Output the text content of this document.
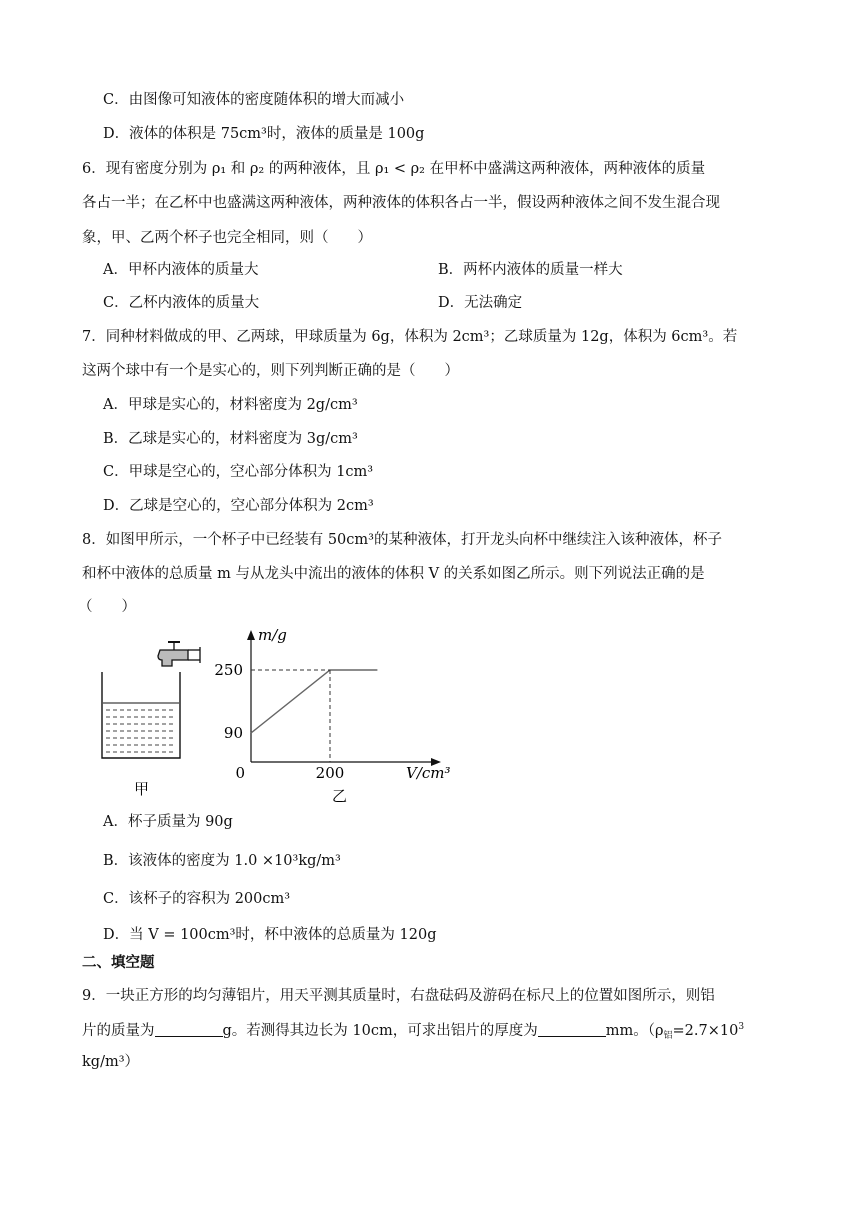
C．由图像可知液体的密度随体积的增大而减小
D．液体的体积是 75cm³时，液体的质量是 100g
6．现有密度分别为 ρ₁ 和 ρ₂ 的两种液体，且 ρ₁ < ρ₂ 在甲杯中盛满这两种液体，两种液体的质量
各占一半；在乙杯中也盛满这两种液体，两种液体的体积各占一半，假设两种液体之间不发生混合现
象，甲、乙两个杯子也完全相同，则（　　）
A．甲杯内液体的质量大	B．两杯内液体的质量一样大
C．乙杯内液体的质量大	D．无法确定
7．同种材料做成的甲、乙两球，甲球质量为 6g，体积为 2cm³；乙球质量为 12g，体积为 6cm³。若
这两个球中有一个是实心的，则下列判断正确的是（　　）
A．甲球是实心的，材料密度为 2g/cm³
B．乙球是实心的，材料密度为 3g/cm³
C．甲球是空心的，空心部分体积为 1cm³
D．乙球是空心的，空心部分体积为 2cm³
8．如图甲所示，一个杯子中已经装有 50cm³的某种液体，打开龙头向杯中继续注入该种液体，杯子
和杯中液体的总质量 m 与从龙头中流出的液体的体积 V 的关系如图乙所示。则下列说法正确的是
（　　）
甲
90
250
200
m/g
V/cm³
0
乙
A．杯子质量为 90g
B．该液体的密度为 1.0 ×10³kg/m³
C．该杯子的容积为 200cm³
D．当 V = 100cm³时，杯中液体的总质量为 120g
二、填空题
9．一块正方形的均匀薄铝片，用天平测其质量时，右盘砝码及游码在标尺上的位置如图所示，则铝
片的质量为	g。若测得其边长为 10cm，可求出铝片的厚度为	mm。（$\rho_铝=2.7\times 10^3$
kg/m³）
